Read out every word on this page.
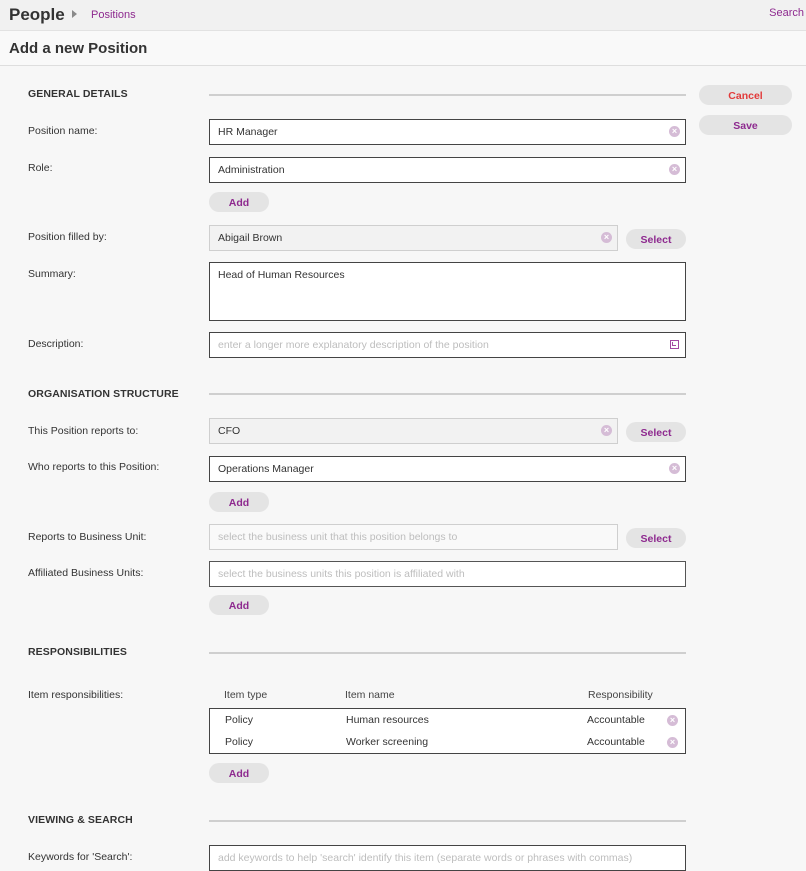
People Positions	Search
Add a new Position
Cancel
Save
GENERAL DETAILS
Position name:	HR Manager	×
Role:	Administration	×
Add
Position filled by:	Abigail Brown	×	Select
Summary:	Head of Human Resources
Description:	enter a longer more explanatory description of the position
ORGANISATION STRUCTURE
This Position reports to:	CFO	×	Select
Who reports to this Position:	Operations Manager	×
Add
Reports to Business Unit:	select the business unit that this position belongs to	Select
Affiliated Business Units:	select the business units this position is affiliated with
Add
RESPONSIBILITIES
Item responsibilities:	Item type	Item name	Responsibility
Policy	Human resources	Accountable	×
Policy	Worker screening	Accountable	×
Add
VIEWING & SEARCH
Keywords for 'Search':	add keywords to help 'search' identify this item (separate words or phrases with commas)
